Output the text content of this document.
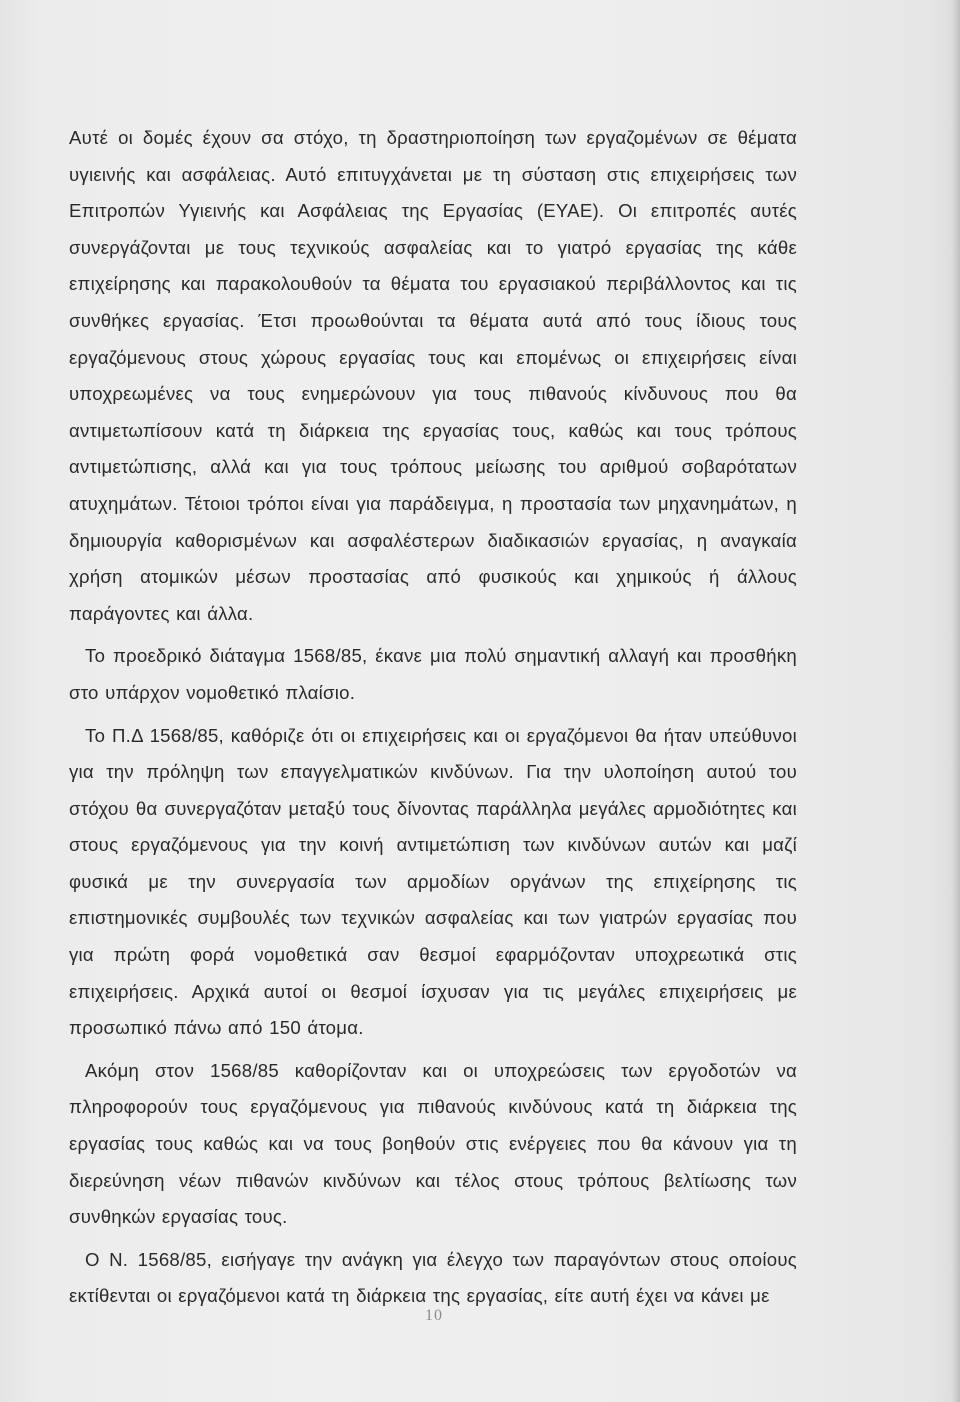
Αυτέ οι δομές έχουν σα στόχο, τη δραστηριοποίηση των εργαζομένων σε θέματα υγιεινής και ασφάλειας. Αυτό επιτυγχάνεται με τη σύσταση στις επιχειρήσεις των Επιτροπών Υγιεινής και Ασφάλειας της Εργασίας (ΕΥΑΕ). Οι επιτροπές αυτές συνεργάζονται με τους τεχνικούς ασφαλείας και το γιατρό εργασίας της κάθε επιχείρησης και παρακολουθούν τα θέματα του εργασιακού περιβάλλοντος και τις συνθήκες εργασίας. Έτσι προωθούνται τα θέματα αυτά από τους ίδιους τους εργαζόμενους στους χώρους εργασίας τους και επομένως οι επιχειρήσεις είναι υποχρεωμένες να τους ενημερώνουν για τους πιθανούς κίνδυνους που θα αντιμετωπίσουν κατά τη διάρκεια της εργασίας τους, καθώς και τους τρόπους αντιμετώπισης, αλλά και για τους τρόπους μείωσης του αριθμού σοβαρότατων ατυχημάτων. Τέτοιοι τρόποι είναι για παράδειγμα, η προστασία των μηχανημάτων, η δημιουργία καθορισμένων και ασφαλέστερων διαδικασιών εργασίας, η αναγκαία χρήση ατομικών μέσων προστασίας από φυσικούς και χημικούς ή άλλους παράγοντες και άλλα.

Το προεδρικό διάταγμα 1568/85, έκανε μια πολύ σημαντική αλλαγή και προσθήκη στο υπάρχον νομοθετικό πλαίσιο.

Το Π.Δ 1568/85, καθόριζε ότι οι επιχειρήσεις και οι εργαζόμενοι θα ήταν υπεύθυνοι για την πρόληψη των επαγγελματικών κινδύνων. Για την υλοποίηση αυτού του στόχου θα συνεργαζόταν μεταξύ τους δίνοντας παράλληλα μεγάλες αρμοδιότητες και στους εργαζόμενους για την κοινή αντιμετώπιση των κινδύνων αυτών και μαζί φυσικά με την συνεργασία των αρμοδίων οργάνων της επιχείρησης τις επιστημονικές συμβουλές των τεχνικών ασφαλείας και των γιατρών εργασίας που για πρώτη φορά νομοθετικά σαν θεσμοί εφαρμόζονταν υποχρεωτικά στις επιχειρήσεις. Αρχικά αυτοί οι θεσμοί ίσχυσαν για τις μεγάλες επιχειρήσεις με προσωπικό πάνω από 150 άτομα.

Ακόμη στον 1568/85 καθορίζονταν και οι υποχρεώσεις των εργοδοτών να πληροφορούν τους εργαζόμενους για πιθανούς κινδύνους κατά τη διάρκεια της εργασίας τους καθώς και να τους βοηθούν στις ενέργειες που θα κάνουν για τη διερεύνηση νέων πιθανών κινδύνων και τέλος στους τρόπους βελτίωσης των συνθηκών εργασίας τους.

Ο Ν. 1568/85, εισήγαγε την ανάγκη για έλεγχο των παραγόντων στους οποίους εκτίθενται οι εργαζόμενοι κατά τη διάρκεια της εργασίας, είτε αυτή έχει να κάνει με

10
